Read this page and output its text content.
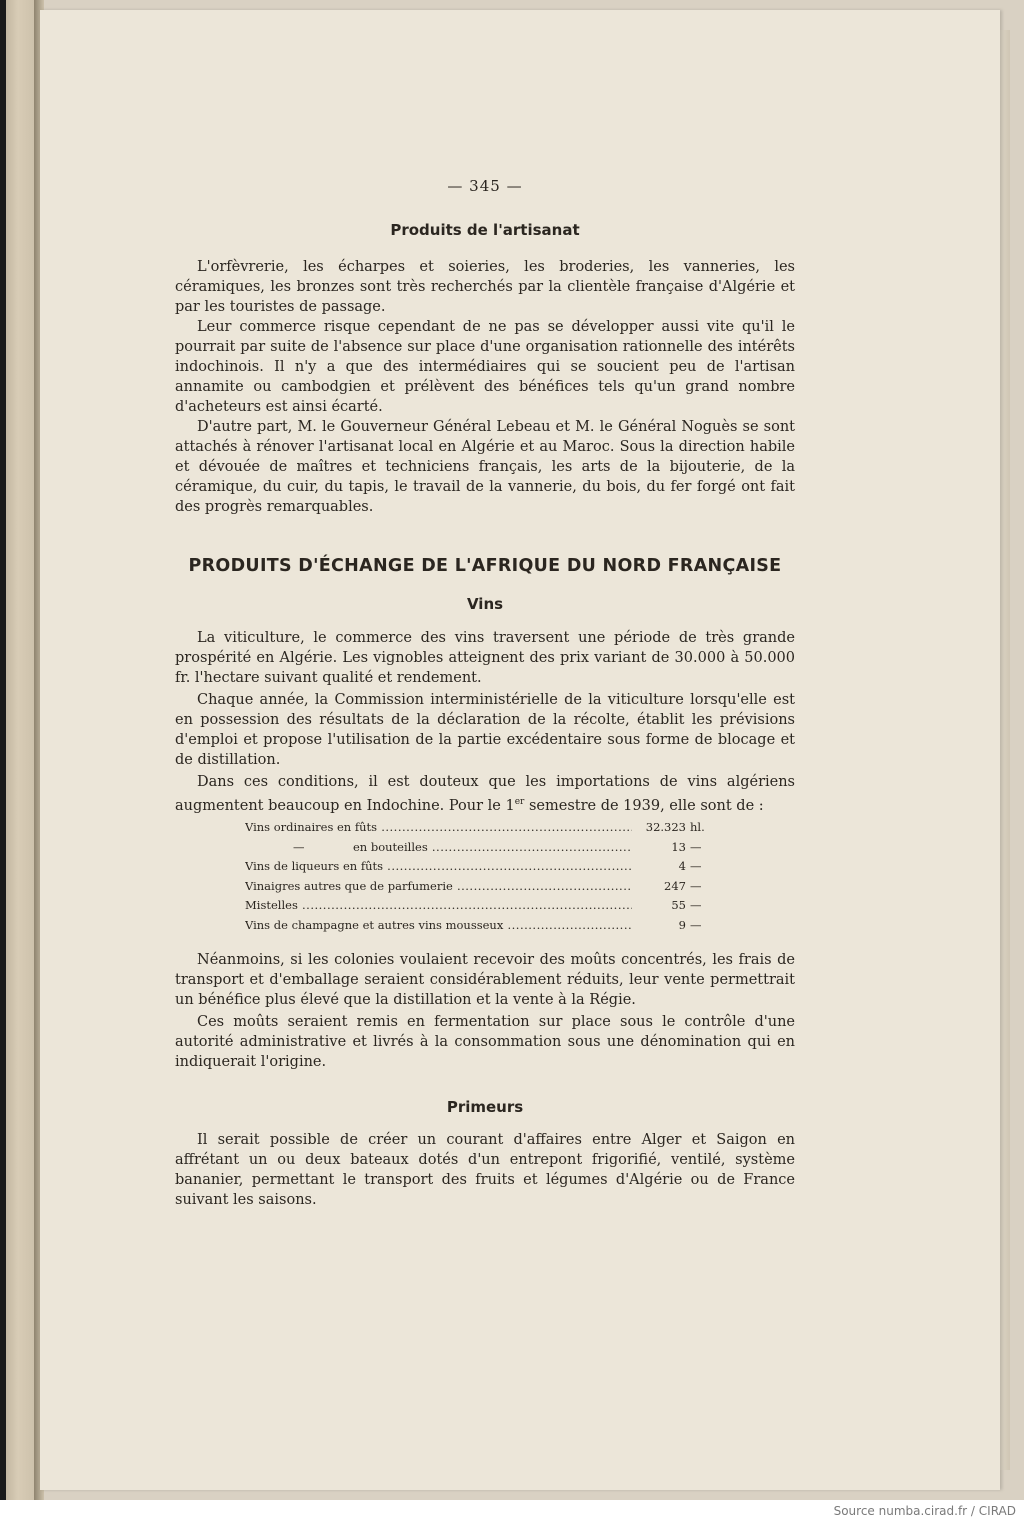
— 345 —
Produits de l'artisanat

L'orfèvrerie, les écharpes et soieries, les broderies, les vanneries, les céramiques, les bronzes sont très recherchés par la clientèle française d'Algérie et par les touristes de passage.

Leur commerce risque cependant de ne pas se développer aussi vite qu'il le pourrait par suite de l'absence sur place d'une organisation rationnelle des intérêts indochinois. Il n'y a que des intermédiaires qui se soucient peu de l'artisan annamite ou cambodgien et prélèvent des bénéfices tels qu'un grand nombre d'acheteurs est ainsi écarté.

D'autre part, M. le Gouverneur Général Lebeau et M. le Général Noguès se sont attachés à rénover l'artisanat local en Algérie et au Maroc. Sous la direction habile et dévouée de maîtres et techniciens français, les arts de la bijouterie, de la céramique, du cuir, du tapis, le travail de la vannerie, du bois, du fer forgé ont fait des progrès remarquables.

PRODUITS D'ÉCHANGE DE L'AFRIQUE DU NORD FRANÇAISE
Vins

La viticulture, le commerce des vins traversent une période de très grande prospérité en Algérie. Les vignobles atteignent des prix variant de 30.000 à 50.000 fr. l'hectare suivant qualité et rendement.

Chaque année, la Commission interministérielle de la viticulture lorsqu'elle est en possession des résultats de la déclaration de la récolte, établit les prévisions d'emploi et propose l'utilisation de la partie excédentaire sous forme de blocage et de distillation.

Dans ces conditions, il est douteux que les importations de vins algériens augmentent beaucoup en Indochine. Pour le 1er semestre de 1939, elle sont de :

Vins ordinaires en fûts .....	32.323 hl.
—	en bouteilles .....	13 —
Vins de liqueurs en fûts .....	4 —
Vinaigres autres que de parfumerie .....	247 —
Mistelles .....	55 —
Vins de champagne et autres vins mousseux .....	9 —

Néanmoins, si les colonies voulaient recevoir des moûts concentrés, les frais de transport et d'emballage seraient considérablement réduits, leur vente permettrait un bénéfice plus élevé que la distillation et la vente à la Régie.

Ces moûts seraient remis en fermentation sur place sous le contrôle d'une autorité administrative et livrés à la consommation sous une dénomination qui en indiquerait l'origine.

Primeurs

Il serait possible de créer un courant d'affaires entre Alger et Saigon en affrétant un ou deux bateaux dotés d'un entrepont frigorifié, ventilé, système bananier, permettant le transport des fruits et légumes d'Algérie ou de France suivant les saisons.

Source numba.cirad.fr / CIRAD
